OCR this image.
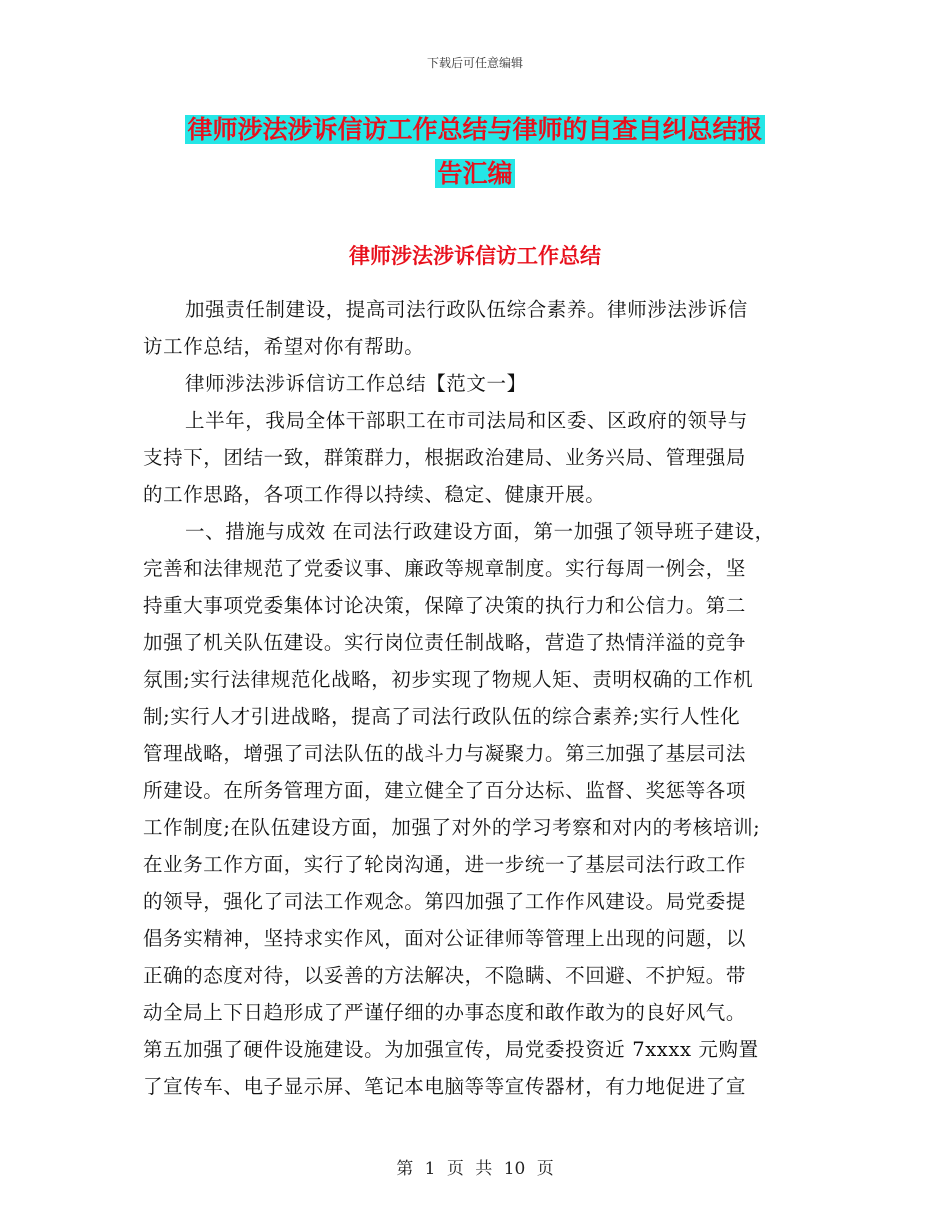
下载后可任意编辑
律师涉法涉诉信访工作总结与律师的自查自纠总结报
告汇编
律师涉法涉诉信访工作总结
加强责任制建设，提高司法行政队伍综合素养。律师涉法涉诉信
访工作总结，希望对你有帮助。
律师涉法涉诉信访工作总结【范文一】
上半年，我局全体干部职工在市司法局和区委、区政府的领导与
支持下，团结一致，群策群力，根据政治建局、业务兴局、管理强局
的工作思路，各项工作得以持续、稳定、健康开展。
一、措施与成效 在司法行政建设方面，第一加强了领导班子建设，
完善和法律规范了党委议事、廉政等规章制度。实行每周一例会，坚
持重大事项党委集体讨论决策，保障了决策的执行力和公信力。第二
加强了机关队伍建设。实行岗位责任制战略，营造了热情洋溢的竞争
氛围;实行法律规范化战略，初步实现了物规人矩、责明权确的工作机
制;实行人才引进战略，提高了司法行政队伍的综合素养;实行人性化
管理战略，增强了司法队伍的战斗力与凝聚力。第三加强了基层司法
所建设。在所务管理方面，建立健全了百分达标、监督、奖惩等各项
工作制度;在队伍建设方面，加强了对外的学习考察和对内的考核培训;
在业务工作方面，实行了轮岗沟通，进一步统一了基层司法行政工作
的领导，强化了司法工作观念。第四加强了工作作风建设。局党委提
倡务实精神，坚持求实作风，面对公证律师等管理上出现的问题，以
正确的态度对待，以妥善的方法解决，不隐瞒、不回避、不护短。带
动全局上下日趋形成了严谨仔细的办事态度和敢作敢为的良好风气。
第五加强了硬件设施建设。为加强宣传，局党委投资近 7xxxx 元购置
了宣传车、电子显示屏、笔记本电脑等等宣传器材，有力地促进了宣
第 1 页 共 10 页
